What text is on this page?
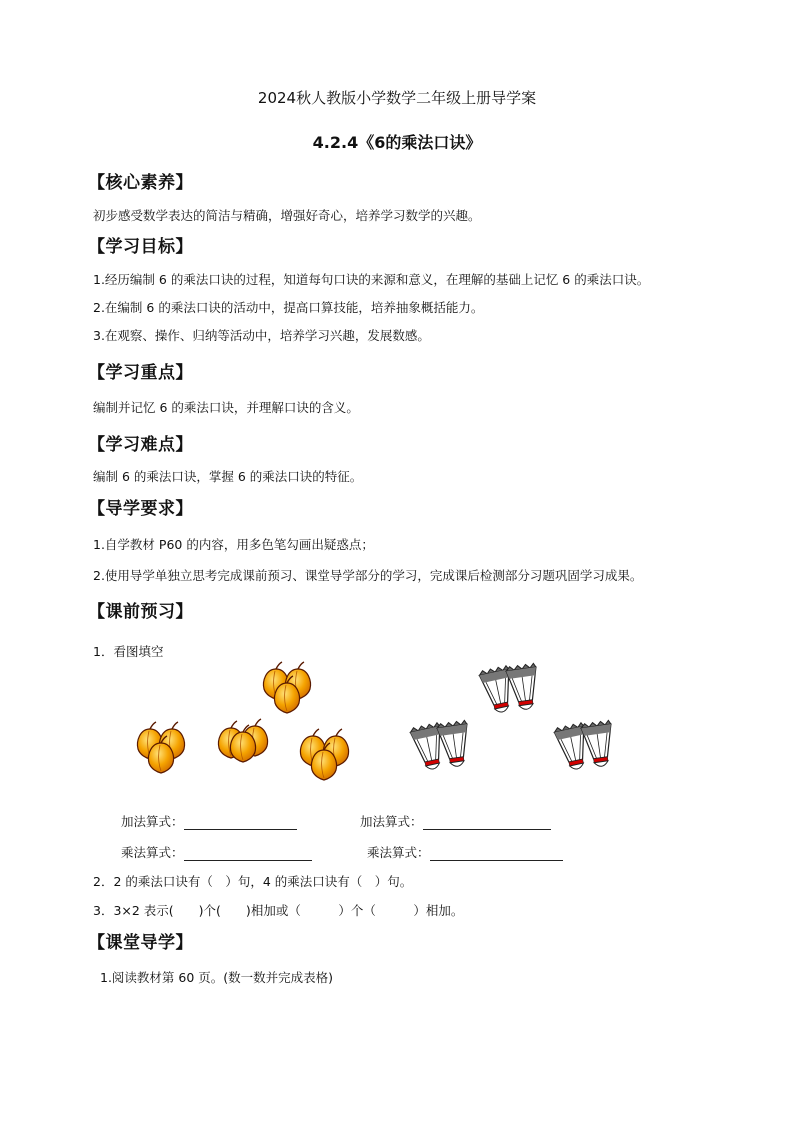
2024秋人教版小学数学二年级上册导学案
4.2.4《6的乘法口诀》
【核心素养】
初步感受数学表达的简洁与精确，增强好奇心，培养学习数学的兴趣。
【学习目标】
1.经历编制 6 的乘法口诀的过程，知道每句口诀的来源和意义，在理解的基础上记忆 6 的乘法口诀。
2.在编制 6 的乘法口诀的活动中，提高口算技能，培养抽象概括能力。
3.在观察、操作、归纳等活动中，培养学习兴趣，发展数感。
【学习重点】
编制并记忆 6 的乘法口诀，并理解口诀的含义。
【学习难点】
编制 6 的乘法口诀，掌握 6 的乘法口诀的特征。
【导学要求】
1.自学教材 P60 的内容，用多色笔勾画出疑惑点；
2.使用导学单独立思考完成课前预习、课堂导学部分的学习，完成课后检测部分习题巩固学习成果。
【课前预习】
1．看图填空
加法算式：	加法算式：
乘法算式：	乘法算式：
2．2 的乘法口诀有（　）句，4 的乘法口诀有（　）句。
3．3×2 表示(　　)个(　　)相加或（　　　）个（　　　）相加。
【课堂导学】
1.阅读教材第 60 页。(数一数并完成表格)
